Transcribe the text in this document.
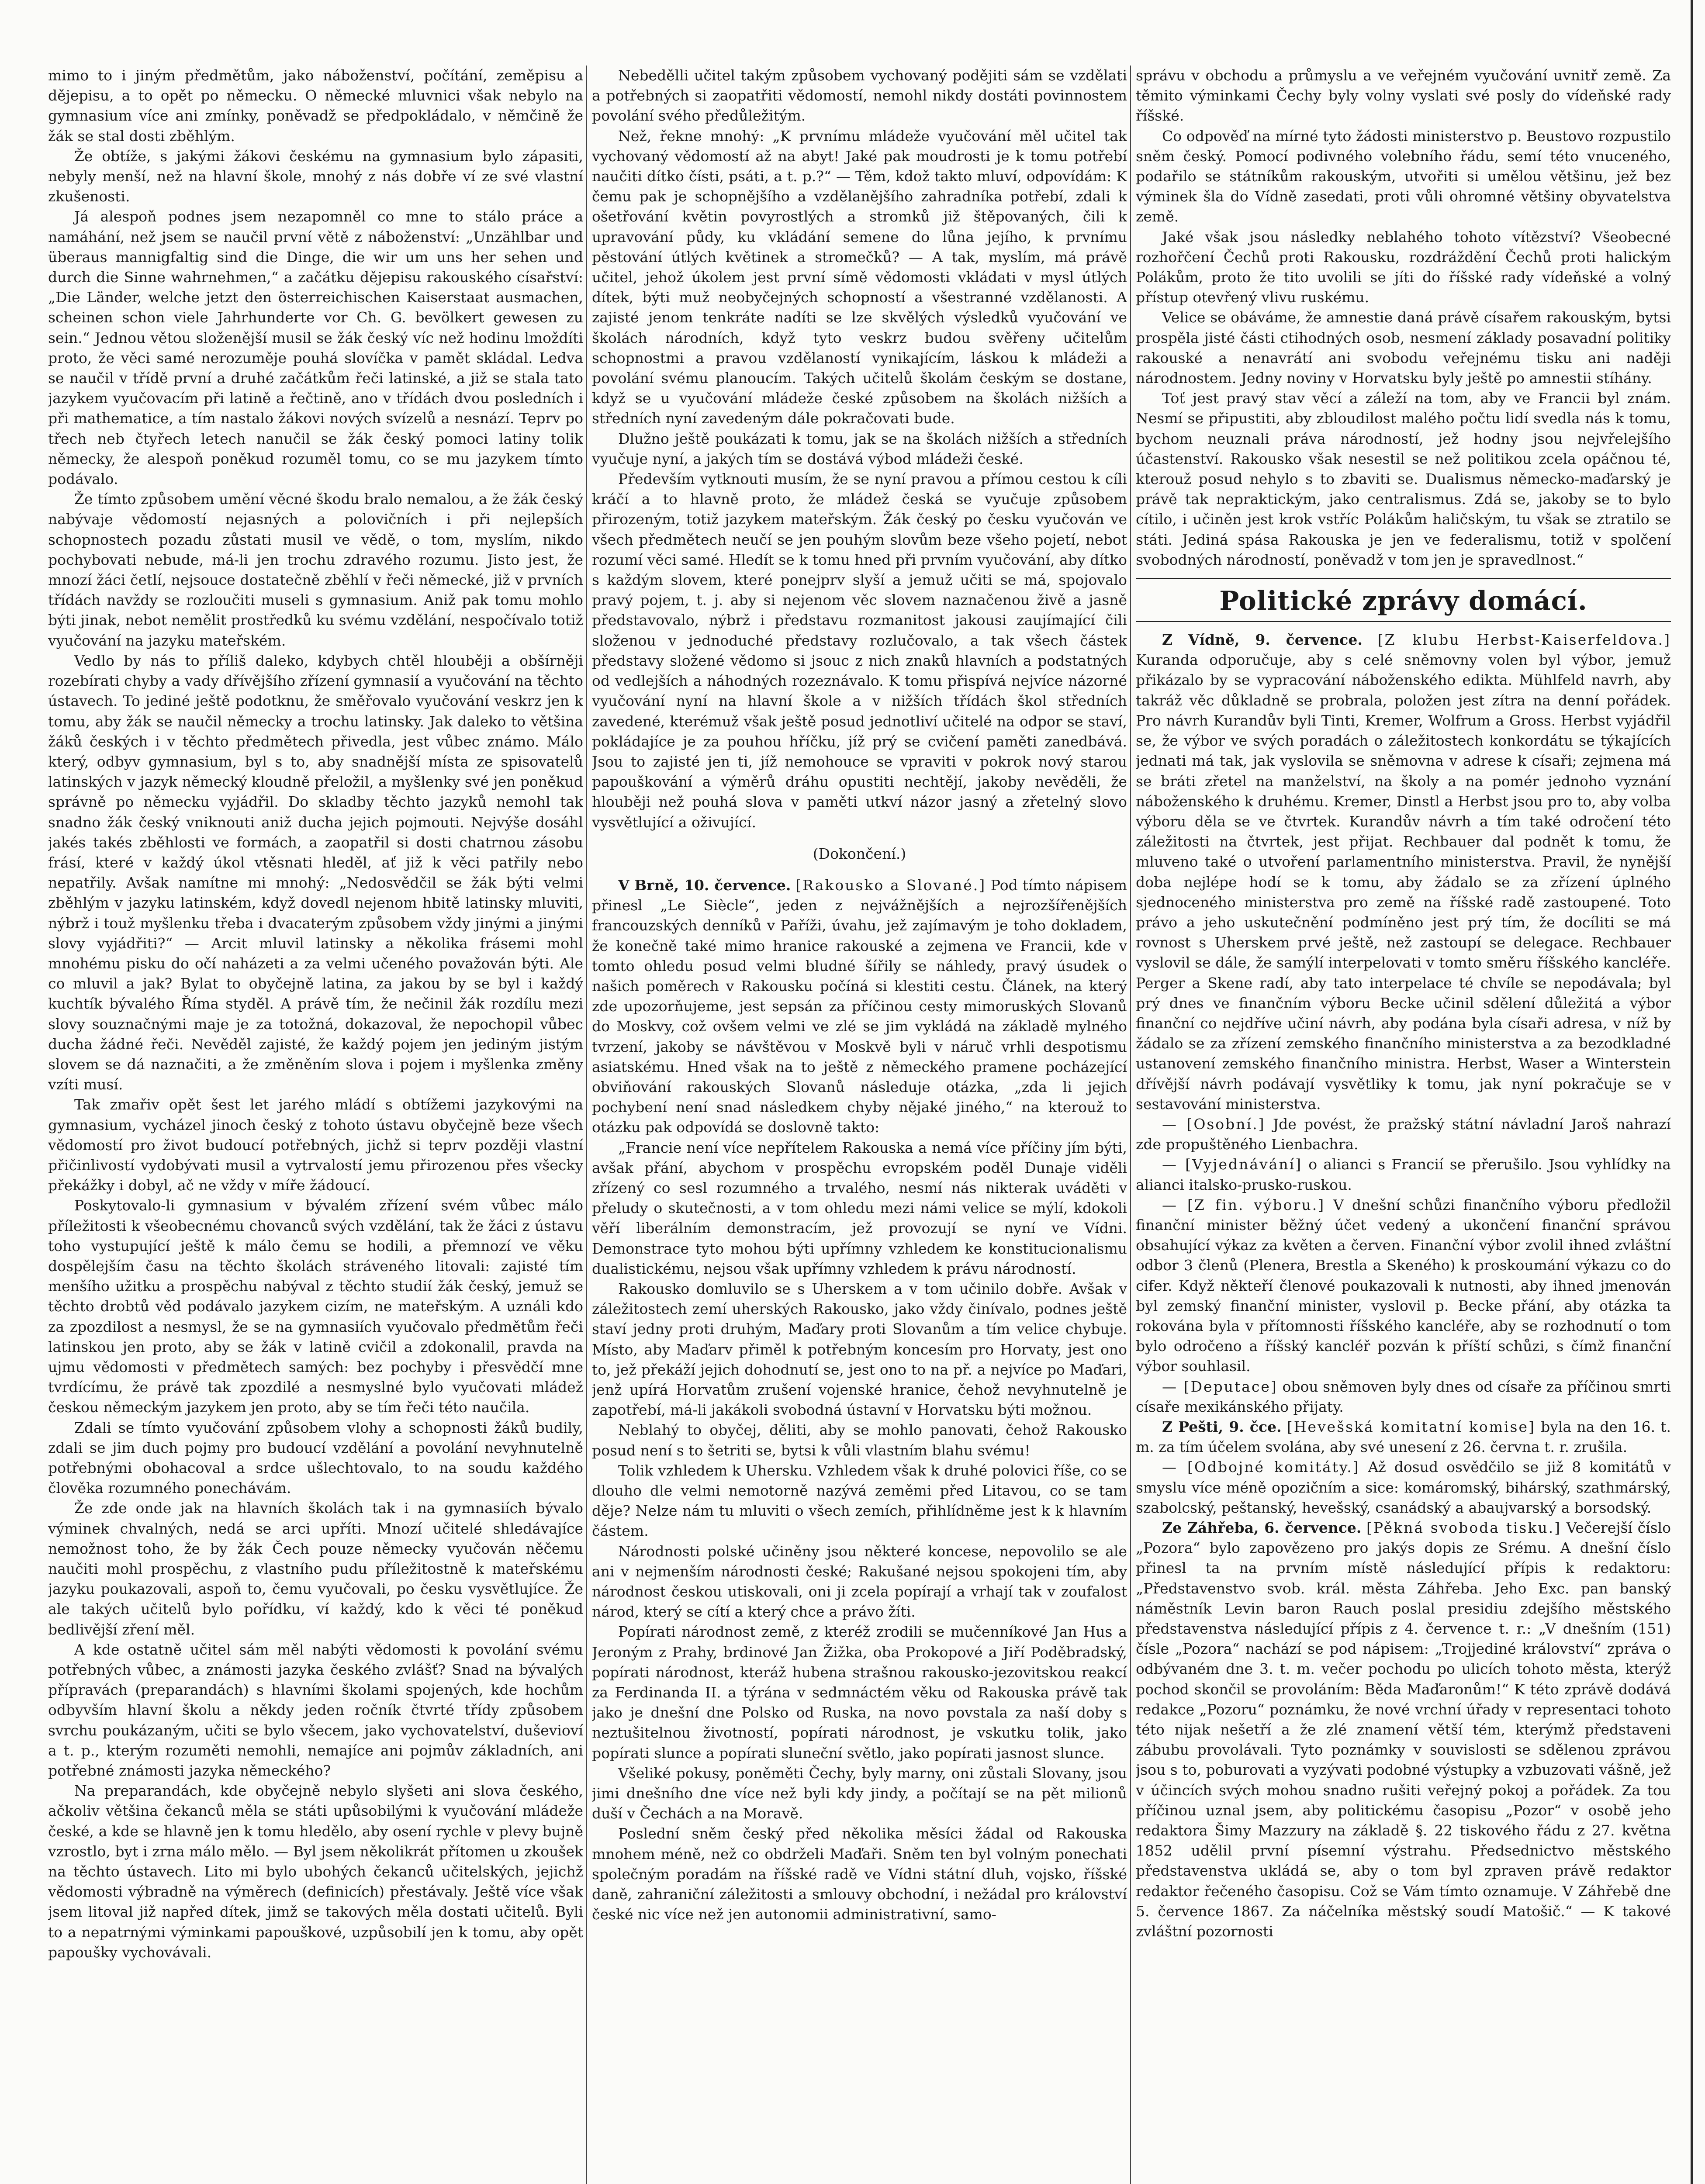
mimo to i jiným předmětům, jako náboženství, počítání, zeměpisu a dějepisu, a to opět po německu. O německé mluvnici však nebylo na gymnasium více ani zmínky, poněvadž se předpokládalo, v němčině že žák se stal dosti zběhlým.

Že obtíže, s jakými žákovi českému na gymnasium bylo zápasiti, nebyly menší, než na hlavní škole, mnohý z nás dobře ví ze své vlastní zkušenosti.

Já alespoň podnes jsem nezapomněl co mne to stálo práce a namáhání, než jsem se naučil první větě z náboženství: „Unzählbar und überaus mannigfaltig sind die Dinge, die wir um uns her sehen und durch die Sinne wahrnehmen,“ a začátku dějepisu rakouského císařství: „Die Länder, welche jetzt den österreichischen Kaiserstaat ausmachen, scheinen schon viele Jahrhunderte vor Ch. G. bevölkert gewesen zu sein.“ Jednou větou složenější musil se žák český víc než hodinu lmoždíti proto, že věci samé nerozuměje pouhá slovíčka v pamět skládal. Ledva se naučil v třídě první a druhé začátkům řeči latinské, a již se stala tato jazykem vyučovacím při latině a řečtině, ano v třídách dvou posledních i při mathematice, a tím nastalo žákovi nových svízelů a nesnází. Teprv po třech neb čtyřech letech nanučil se žák český pomoci latiny tolik německy, že alespoň poněkud rozuměl tomu, co se mu jazykem tímto podávalo.

Že tímto způsobem umění věcné škodu bralo nemalou, a že žák český nabývaje vědomostí nejasných a polovičních i při nejlepších schopnostech pozadu zůstati musil ve vědě, o tom, myslím, nikdo pochybovati nebude, má-li jen trochu zdravého rozumu. Jisto jest, že mnozí žáci četlí, nejsouce dostatečně zběhlí v řeči německé, již v prvních třídách navždy se rozloučiti museli s gymnasium. Aniž pak tomu mohlo býti jinak, nebot nemělit prostředků ku svému vzdělání, nespočívalo totiž vyučování na jazyku mateřském.

Vedlo by nás to příliš daleko, kdybych chtěl hlouběji a obšírněji rozebírati chyby a vady dřívějšího zřízení gymnasií a vyučování na těchto ústavech. To jediné ještě podotknu, že směřovalo vyučování veskrz jen k tomu, aby žák se naučil německy a trochu latinsky. Jak daleko to většina žáků českých i v těchto předmětech přivedla, jest vůbec známo. Málo který, odbyv gymnasium, byl s to, aby snadnější místa ze spisovatelů latinských v jazyk německý kloudně přeložil, a myšlenky své jen poněkud správně po německu vyjádřil. Do skladby těchto jazyků nemohl tak snadno žák český vniknouti aniž ducha jejich pojmouti. Nejvýše dosáhl jakés takés zběhlosti ve formách, a zaopatřil si dosti chatrnou zásobu frásí, které v každý úkol vtěsnati hleděl, ať již k věci patřily nebo nepatřily. Avšak namítne mi mnohý: „Nedosvědčil se žák býti velmi zběhlým v jazyku latinském, když dovedl nejenom hbitě latinsky mluviti, nýbrž i touž myšlenku třeba i dvacaterým způsobem vždy jinými a jinými slovy vyjádřiti?“ — Arcit mluvil latinsky a několika frásemi mohl mnohému pisku do očí naházeti a za velmi učeného považován býti. Ale co mluvil a jak? Bylat to obyčejně latina, za jakou by se byl i každý kuchtík bývalého Říma styděl. A právě tím, že nečinil žák rozdílu mezi slovy souznačnými maje je za totožná, dokazoval, že nepochopil vůbec ducha žádné řeči. Nevěděl zajisté, že každý pojem jen jediným jistým slovem se dá naznačiti, a že změněním slova i pojem i myšlenka změny vzíti musí.

Tak zmařiv opět šest let jarého mládí s obtížemi jazykovými na gymnasium, vycházel jinoch český z tohoto ústavu obyčejně beze všech vědomostí pro život budoucí potřebných, jichž si teprv později vlastní přičinlivostí vydobývati musil a vytrvalostí jemu přirozenou přes všecky překážky i dobyl, ač ne vždy v míře žádoucí.

Poskytovalo-li gymnasium v bývalém zřízení svém vůbec málo příležitosti k všeobecnému chovanců svých vzdělání, tak že žáci z ústavu toho vystupující ještě k málo čemu se hodili, a přemnozí ve věku dospělejším času na těchto školách stráveného litovali: zajisté tím menšího užitku a prospěchu nabýval z těchto studií žák český, jemuž se těchto drobtů věd podávalo jazykem cizím, ne mateřským. A uználi kdo za zpozdilost a nesmysl, že se na gymnasiích vyučovalo předmětům řeči latinskou jen proto, aby se žák v latině cvičil a zdokonalil, pravda na ujmu vědomosti v předmětech samých: bez pochyby i přesvědčí mne tvrdícímu, že právě tak zpozdilé a nesmyslné bylo vyučovati mládež českou německým jazykem jen proto, aby se tím řeči této naučila.

Zdali se tímto vyučování způsobem vlohy a schopnosti žáků budily, zdali se jim duch pojmy pro budoucí vzdělání a povolání nevyhnutelně potřebnými obohacoval a srdce ušlechtovalo, to na soudu každého člověka rozumného ponechávám.

Že zde onde jak na hlavních školách tak i na gymnasiích bývalo výminek chvalných, nedá se arci upříti. Mnozí učitelé shledávajíce nemožnost toho, že by žák Čech pouze německy vyučován něčemu naučiti mohl prospěchu, z vlastního pudu příležitostně k mateřskému jazyku poukazovali, aspoň to, čemu vyučovali, po česku vysvětlujíce. Že ale takých učitelů bylo pořídku, ví každý, kdo k věci té poněkud bedlivější zření měl.

A kde ostatně učitel sám měl nabýti vědomosti k povolání svému potřebných vůbec, a známosti jazyka českého zvlášť? Snad na bývalých přípravách (preparandách) s hlavními školami spojených, kde hochům odbyvším hlavní školu a někdy jeden ročník čtvrté třídy způsobem svrchu poukázaným, učiti se bylo všecem, jako vychovatelství, duševioví a t. p., kterým rozuměti nemohli, nemajíce ani pojmův základních, ani potřebné známosti jazyka německého?

Na preparandách, kde obyčejně nebylo slyšeti ani slova českého, ačkoliv většina čekanců měla se státi upůsobilými k vyučování mládeže české, a kde se hlavně jen k tomu hledělo, aby osení rychle v plevy bujně vzrostlo, byt i zrna málo mělo. — Byl jsem několikrát přítomen u zkoušek na těchto ústavech. Lito mi bylo ubohých čekanců učitelských, jejichž vědomosti výbradně na výměrech (definicích) přestávaly. Ještě více však jsem litoval již napřed dítek, jimž se takových měla dostati učitelů. Byli to a nepatrnými výminkami papouškové, uzpůsobilí jen k tomu, aby opět papoušky vychovávali.

Nebedělli učitel takým způsobem vychovaný podějiti sám se vzdělati a potřebných si zaopatřiti vědomostí, nemohl nikdy dostáti povinnostem povolání svého předůležitým.

Než, řekne mnohý: „K prvnímu mládeže vyučování měl učitel tak vychovaný vědomostí až na abyt! Jaké pak moudrosti je k tomu potřebí naučiti dítko čísti, psáti, a t. p.?“ — Těm, kdož takto mluví, odpovídám: K čemu pak je schopnějšího a vzdělanějšího zahradníka potřebí, zdali k ošetřování květin povyrostlých a stromků již štěpovaných, čili k upravování půdy, ku vkládání semene do lůna jejího, k prvnímu pěstování útlých květinek a stromečků? — A tak, myslím, má právě učitel, jehož úkolem jest první símě vědomosti vkládati v mysl útlých dítek, býti muž neobyčejných schopností a všestranné vzdělanosti. A zajisté jenom tenkráte nadíti se lze skvělých výsledků vyučování ve školách národních, když tyto veskrz budou svěřeny učitelům schopnostmi a pravou vzdělaností vynikajícím, láskou k mládeži a povolání svému planoucím. Takých učitelů školám českým se dostane, když se u vyučování mládeže české způsobem na školách nižších a středních nyní zavedeným dále pokračovati bude.

Dlužno ještě poukázati k tomu, jak se na školách nižších a středních vyučuje nyní, a jakých tím se dostává výbod mládeži české.

Především vytknouti musím, že se nyní pravou a přímou cestou k cíli kráčí a to hlavně proto, že mládež česká se vyučuje způsobem přirozeným, totiž jazykem mateřským. Žák český po česku vyučován ve všech předmětech neučí se jen pouhým slovům beze všeho pojetí, nebot rozumí věci samé. Hledít se k tomu hned při prvním vyučování, aby dítko s každým slovem, které ponejprv slyší a jemuž učiti se má, spojovalo pravý pojem, t. j. aby si nejenom věc slovem naznačenou živě a jasně představovalo, nýbrž i představu rozmanitost jakousi zaujímající čili složenou v jednoduché představy rozlučovalo, a tak všech částek představy složené vědomo si jsouc z nich znaků hlavních a podstatných od vedlejších a náhodných rozeznávalo. K tomu přispívá nejvíce názorné vyučování nyní na hlavní škole a v nižších třídách škol středních zavedené, kterémuž však ještě posud jednotliví učitelé na odpor se staví, pokládajíce je za pouhou hříčku, jíž prý se cvičení paměti zanedbává. Jsou to zajisté jen ti, jíž nemohouce se vpraviti v pokrok nový starou papouškování a výměrů dráhu opustiti nechtějí, jakoby nevěděli, že hlouběji než pouhá slova v paměti utkví názor jasný a zřetelný slovo vysvětlující a oživující.

(Dokončení.)

V Brně, 10. července. [Rakousko a Slované.] Pod tímto nápisem přinesl „Le Siècle“, jeden z nejvážnějších a nejrozšířenějších francouzských denníků v Paříži, úvahu, jež zajímavým je toho dokladem, že konečně také mimo hranice rakouské a zejmena ve Francii, kde v tomto ohledu posud velmi bludné šířily se náhledy, pravý úsudek o našich poměrech v Rakousku počíná si klestiti cestu. Článek, na který zde upozorňujeme, jest sepsán za příčinou cesty mimoruských Slovanů do Moskvy, což ovšem velmi ve zlé se jim vykládá na základě mylného tvrzení, jakoby se návštěvou v Moskvě byli v náruč vrhli despotismu asiatskému. Hned však na to ještě z německého pramene pocházející obviňování rakouských Slovanů následuje otázka, „zda li jejich pochybení není snad následkem chyby nějaké jiného,“ na kterouž to otázku pak odpovídá se doslovně takto:

„Francie není více nepřítelem Rakouska a nemá více příčiny jím býti, avšak přání, abychom v prospěchu evropském poděl Dunaje viděli zřízený co sesl rozumného a trvalého, nesmí nás nikterak uváděti v přeludy o skutečnosti, a v tom ohledu mezi námi velice se mýlí, kdokoli věří liberálním demonstracím, jež provozují se nyní ve Vídni. Demonstrace tyto mohou býti upřímny vzhledem ke konstitucionalismu dualistickému, nejsou však upřímny vzhledem k právu národností.

Rakousko domluvilo se s Uherskem a v tom učinilo dobře. Avšak v záležitostech zemí uherských Rakousko, jako vždy činívalo, podnes ještě staví jedny proti druhým, Maďary proti Slovanům a tím velice chybuje. Místo, aby Maďarv přiměl k potřebným koncesím pro Horvaty, jest ono to, jež překáží jejich dohodnutí se, jest ono to na př. a nejvíce po Maďari, jenž upírá Horvatům zrušení vojenské hranice, čehož nevyhnutelně je zapotřebí, má-li jakákoli svobodná ústavní v Horvatsku býti možnou.

Neblahý to obyčej, děliti, aby se mohlo panovati, čehož Rakousko posud není s to šetriti se, bytsi k vůli vlastním blahu svému!

Tolik vzhledem k Uhersku. Vzhledem však k druhé polovici říše, co se dlouho dle velmi nemotorně nazývá zeměmi před Litavou, co se tam děje? Nelze nám tu mluviti o všech zemích, přihlídněme jest k k hlavním částem.

Národnosti polské učiněny jsou některé koncese, nepovolilo se ale ani v nejmenším národnosti české; Rakušané nejsou spokojeni tím, aby národnost českou utiskovali, oni ji zcela popírají a vrhají tak v zoufalost národ, který se cítí a který chce a právo žíti.

Popírati národnost země, z kteréž zrodili se mučenníkové Jan Hus a Jeroným z Prahy, brdinové Jan Žižka, oba Prokopové a Jiří Poděbradský, popírati národnost, kteráž hubena strašnou rakousko-jezovitskou reakcí za Ferdinanda II. a týrána v sedmnáctém věku od Rakouska právě tak jako je dnešní dne Polsko od Ruska, na novo povstala za naší doby s neztušitelnou životností, popírati národnost, je vskutku tolik, jako popírati slunce a popírati sluneční světlo, jako popírati jasnost slunce.

Všeliké pokusy, poněměti Čechy, byly marny, oni zůstali Slovany, jsou jimi dnešního dne více než byli kdy jindy, a počítají se na pět milionů duší v Čechách a na Moravě.

Poslední sněm český před několika měsíci žádal od Rakouska mnohem méně, než co obdrželi Maďaři. Sněm ten byl volným ponechati společným poradám na říšské radě ve Vídni státní dluh, vojsko, říšské daně, zahraniční záležitosti a smlouvy obchodní, i nežádal pro království české nic více než jen autonomii administrativní, samo-

správu v obchodu a průmyslu a ve veřejném vyučování uvnitř země. Za těmito výminkami Čechy byly volny vyslati své posly do vídeňské rady říšské.

Co odpověď na mírné tyto žádosti ministerstvo p. Beustovo rozpustilo sněm český. Pomocí podivného volebního řádu, semí této vnuceného, podařilo se státníkům rakouským, utvořiti si umělou většinu, jež bez výminek šla do Vídně zasedati, proti vůli ohromné většiny obyvatelstva země.

Jaké však jsou následky neblahého tohoto vítězství? Všeobecné rozhořčení Čechů proti Rakousku, rozdráždění Čechů proti halickým Polákům, proto že tito uvolili se jíti do říšské rady vídeňské a volný přístup otevřený vlivu ruskému.

Velice se obáváme, že amnestie daná právě císařem rakouským, bytsi prospěla jisté části ctihodných osob, nesmení základy posavadní politiky rakouské a nenavrátí ani svobodu veřejnému tisku ani naději národnostem. Jedny noviny v Horvatsku byly ještě po amnestii stíhány.

Toť jest pravý stav věcí a záleží na tom, aby ve Francii byl znám. Nesmí se připustiti, aby zbloudilost malého počtu lidí svedla nás k tomu, bychom neuznali práva národností, jež hodny jsou nejvřelejšího účastenství. Rakousko však nesestil se než politikou zcela opáčnou té, kterouž posud nehylo s to zbaviti se. Dualismus německo-maďarský je právě tak nepraktickým, jako centralismus. Zdá se, jakoby se to bylo cítilo, i učiněn jest krok vstříc Polákům haličským, tu však se ztratilo se státi. Jediná spása Rakouska je jen ve federalismu, totiž v spolčení svobodných národností, poněvadž v tom jen je spravedlnost.“

Politické zprávy domácí.

Z Vídně, 9. července. [Z klubu Herbst-Kaiserfeldova.] Kuranda odporučuje, aby s celé sněmovny volen byl výbor, jemuž přikázalo by se vypracování náboženského edikta. Mühlfeld navrh, aby takráž věc důkladně se probrala, položen jest zítra na denní pořádek. Pro návrh Kurandův byli Tinti, Kremer, Wolfrum a Gross. Herbst vyjádřil se, že výbor ve svých poradách o záležitostech konkordátu se týkajících jednati má tak, jak vyslovila se sněmovna v adrese k císaři; zejmena má se bráti zřetel na manželství, na školy a na pomér jednoho vyznání náboženského k druhému. Kremer, Dinstl a Herbst jsou pro to, aby volba výboru děla se ve čtvrtek. Kurandův návrh a tím také odročení této záležitosti na čtvrtek, jest přijat. Rechbauer dal podnět k tomu, že mluveno také o utvoření parlamentního ministerstva. Pravil, že nynější doba nejlépe hodí se k tomu, aby žádalo se za zřízení úplného sjednoceného ministerstva pro země na říšské radě zastoupené. Toto právo a jeho uskutečnění podmíněno jest prý tím, že docíliti se má rovnost s Uherskem prvé ještě, než zastoupí se delegace. Rechbauer vyslovil se dále, že samýlí interpelovati v tomto směru říšského kancléře. Perger a Skene radí, aby tato interpelace té chvíle se nepodávala; byl prý dnes ve finančním výboru Becke učinil sdělení důležitá a výbor finanční co nejdříve učiní návrh, aby podána byla císaři adresa, v níž by žádalo se za zřízení zemského finančního ministerstva a za bezodkladné ustanovení zemského finančního ministra. Herbst, Waser a Winterstein dřívější návrh podávají vysvětliky k tomu, jak nyní pokračuje se v sestavování ministerstva.

— [Osobní.] Jde povést, že pražský státní návladní Jaroš nahrazí zde propuštěného Lienbachra.

— [Vyjednávání] o alianci s Francií se přerušilo. Jsou vyhlídky na alianci italsko-prusko-ruskou.

— [Z fin. výboru.] V dnešní schůzi finančního výboru předložil finanční minister běžný účet vedený a ukončení finanční správou obsahující výkaz za květen a červen. Finanční výbor zvolil ihned zvláštní odbor 3 členů (Plenera, Brestla a Skeného) k proskoumání výkazu co do cifer. Když někteří členové poukazovali k nutnosti, aby ihned jmenován byl zemský finanční minister, vyslovil p. Becke přání, aby otázka ta rokována byla v přítomnosti říšského kancléře, aby se rozhodnutí o tom bylo odročeno a říšský kancléř pozván k příští schůzi, s čímž finanční výbor souhlasil.

— [Deputace] obou sněmoven byly dnes od císaře za příčinou smrti císaře mexikánského přijaty.

Z Pešti, 9. čce. [Hevešská komitatní komise] byla na den 16. t. m. za tím účelem svolána, aby své unesení z 26. června t. r. zrušila.

— [Odbojné komitáty.] Až dosud osvědčilo se již 8 komitátů v smyslu více méně opozičním a sice: komáromský, bihárský, szathmárský, szabolcský, peštanský, hevešský, csanádský a abaujvarský a borsodský.

Ze Záhřeba, 6. července. [Pěkná svoboda tisku.] Večerejší číslo „Pozora“ bylo zapovězeno pro jakýs dopis ze Srému. A dnešní číslo přinesl ta na prvním místě následující přípis k redaktoru: „Představenstvo svob. král. města Záhřeba. Jeho Exc. pan banský náměstník Levin baron Rauch poslal presidiu zdejšího městského představenstva následující přípis z 4. července t. r.: „V dnešním (151) čísle „Pozora“ nachází se pod nápisem: „Trojjediné království“ zpráva o odbývaném dne 3. t. m. večer pochodu po ulicích tohoto města, kterýž pochod skončil se provoláním: Běda Maďaronům!“ K této zprávě dodává redakce „Pozoru“ poznámku, že nové vrchní úřady v representaci tohoto této nijak nešetří a že zlé znamení větší tém, kterýmž představeni zábubu provolávali. Tyto poznámky v souvislosti se sdělenou zprávou jsou s to, poburovati a vyzývati podobné výstupky a vzbuzovati vášně, jež v účincích svých mohou snadno rušiti veřejný pokoj a pořádek. Za tou příčinou uznal jsem, aby politickému časopisu „Pozor“ v osobě jeho redaktora Šimy Mazzury na základě §. 22 tiskového řádu z 27. května 1852 udělil první písemní výstrahu. Předsednictvo městského představenstva ukládá se, aby o tom byl zpraven právě redaktor redaktor řečeného časopisu. Což se Vám tímto oznamuje. V Záhřebě dne 5. července 1867. Za náčelníka městský soudí Matošič.“ — K takové zvláštní pozornosti
